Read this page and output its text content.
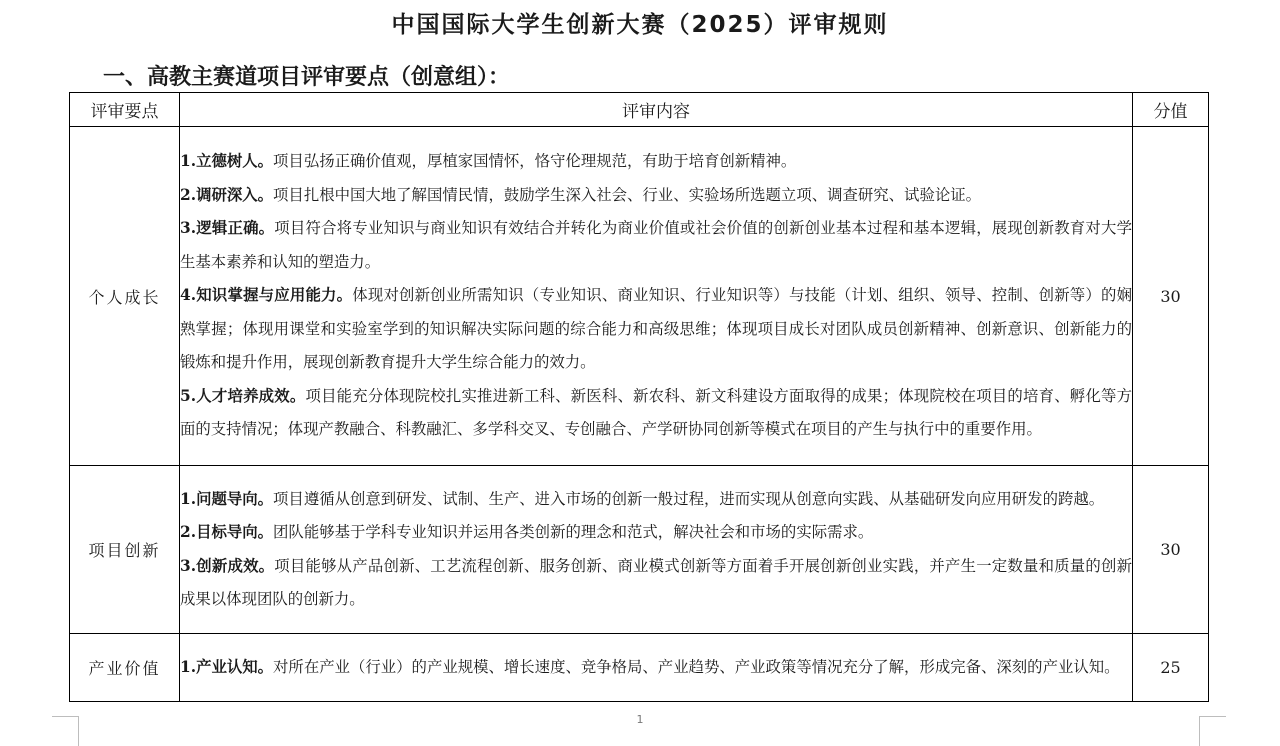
中国国际大学生创新大赛（2025）评审规则
一、高教主赛道项目评审要点（创意组）：
评审要点	评审内容	分值
个人成长	1.立德树人。项目弘扬正确价值观，厚植家国情怀，恪守伦理规范，有助于培育创新精神。

2.调研深入。项目扎根中国大地了解国情民情，鼓励学生深入社会、行业、实验场所选题立项、调查研究、试验论证。

3.逻辑正确。项目符合将专业知识与商业知识有效结合并转化为商业价值或社会价值的创新创业基本过程和基本逻辑，展现创新教育对大学生基本素养和认知的塑造力。

4.知识掌握与应用能力。体现对创新创业所需知识（专业知识、商业知识、行业知识等）与技能（计划、组织、领导、控制、创新等）的娴熟掌握；体现用课堂和实验室学到的知识解决实际问题的综合能力和高级思维；体现项目成长对团队成员创新精神、创新意识、创新能力的锻炼和提升作用，展现创新教育提升大学生综合能力的效力。

5.人才培养成效。项目能充分体现院校扎实推进新工科、新医科、新农科、新文科建设方面取得的成果；体现院校在项目的培育、孵化等方面的支持情况；体现产教融合、科教融汇、多学科交叉、专创融合、产学研协同创新等模式在项目的产生与执行中的重要作用。	30
项目创新	1.问题导向。项目遵循从创意到研发、试制、生产、进入市场的创新一般过程，进而实现从创意向实践、从基础研发向应用研发的跨越。

2.目标导向。团队能够基于学科专业知识并运用各类创新的理念和范式，解决社会和市场的实际需求。

3.创新成效。项目能够从产品创新、工艺流程创新、服务创新、商业模式创新等方面着手开展创新创业实践，并产生一定数量和质量的创新成果以体现团队的创新力。	30
产业价值	1.产业认知。对所在产业（行业）的产业规模、增长速度、竞争格局、产业趋势、产业政策等情况充分了解，形成完备、深刻的产业认知。	25
1
